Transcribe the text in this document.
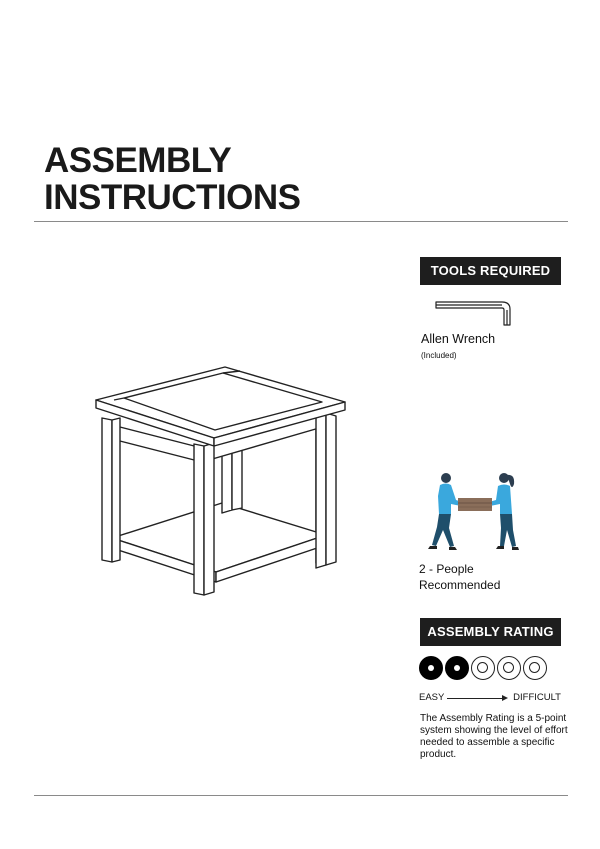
ASSEMBLY
INSTRUCTIONS
TOOLS REQUIRED
Allen Wrench
(Included)
2 - People
Recommended
ASSEMBLY RATING
EASY	DIFFICULT
The Assembly Rating is a 5-point system showing the level of effort needed to assemble a specific product.
